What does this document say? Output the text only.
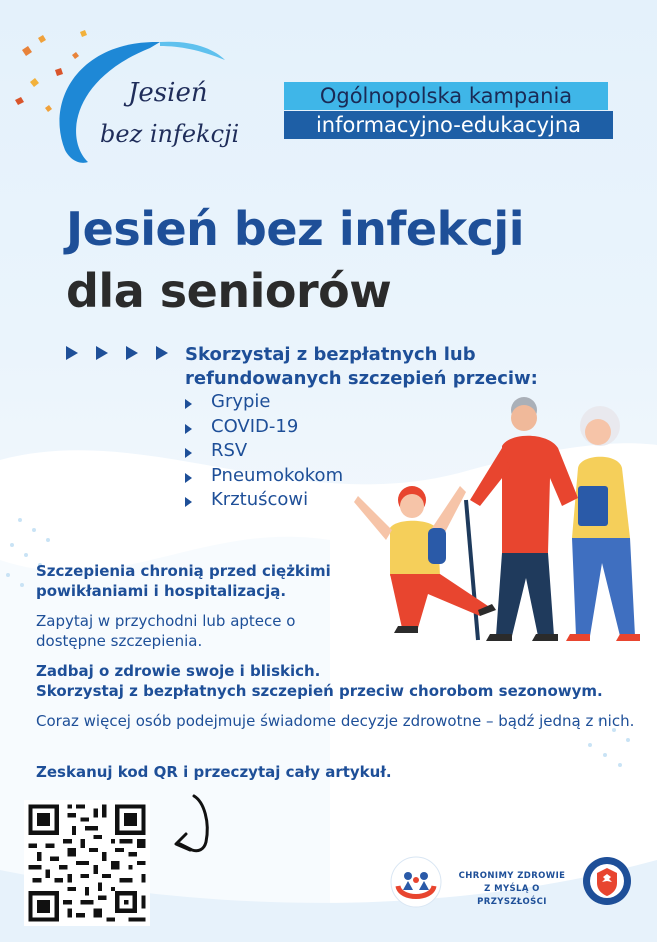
Jesień
bez infekcji
Ogólnopolska kampania
informacyjno-edukacyjna
Jesień bez infekcji
dla seniorów
Skorzystaj z bezpłatnych lub refundowanych szczepień przeciw:
Grypie
COVID-19
RSV
Pneumokokom
Krztuścowi
Szczepienia chronią przed ciężkimi powikłaniami i hospitalizacją.
Zapytaj w przychodni lub aptece o dostępne szczepienia.
Zadbaj o zdrowie swoje i bliskich.
Skorzystaj z bezpłatnych szczepień przeciw chorobom sezonowym.
Coraz więcej osób podejmuje świadome decyzje zdrowotne – bądź jedną z nich.
Zeskanuj kod QR i przeczytaj cały artykuł.
CHRONIMY ZDROWIE
Z MYŚLĄ O PRZYSZŁOŚCI
